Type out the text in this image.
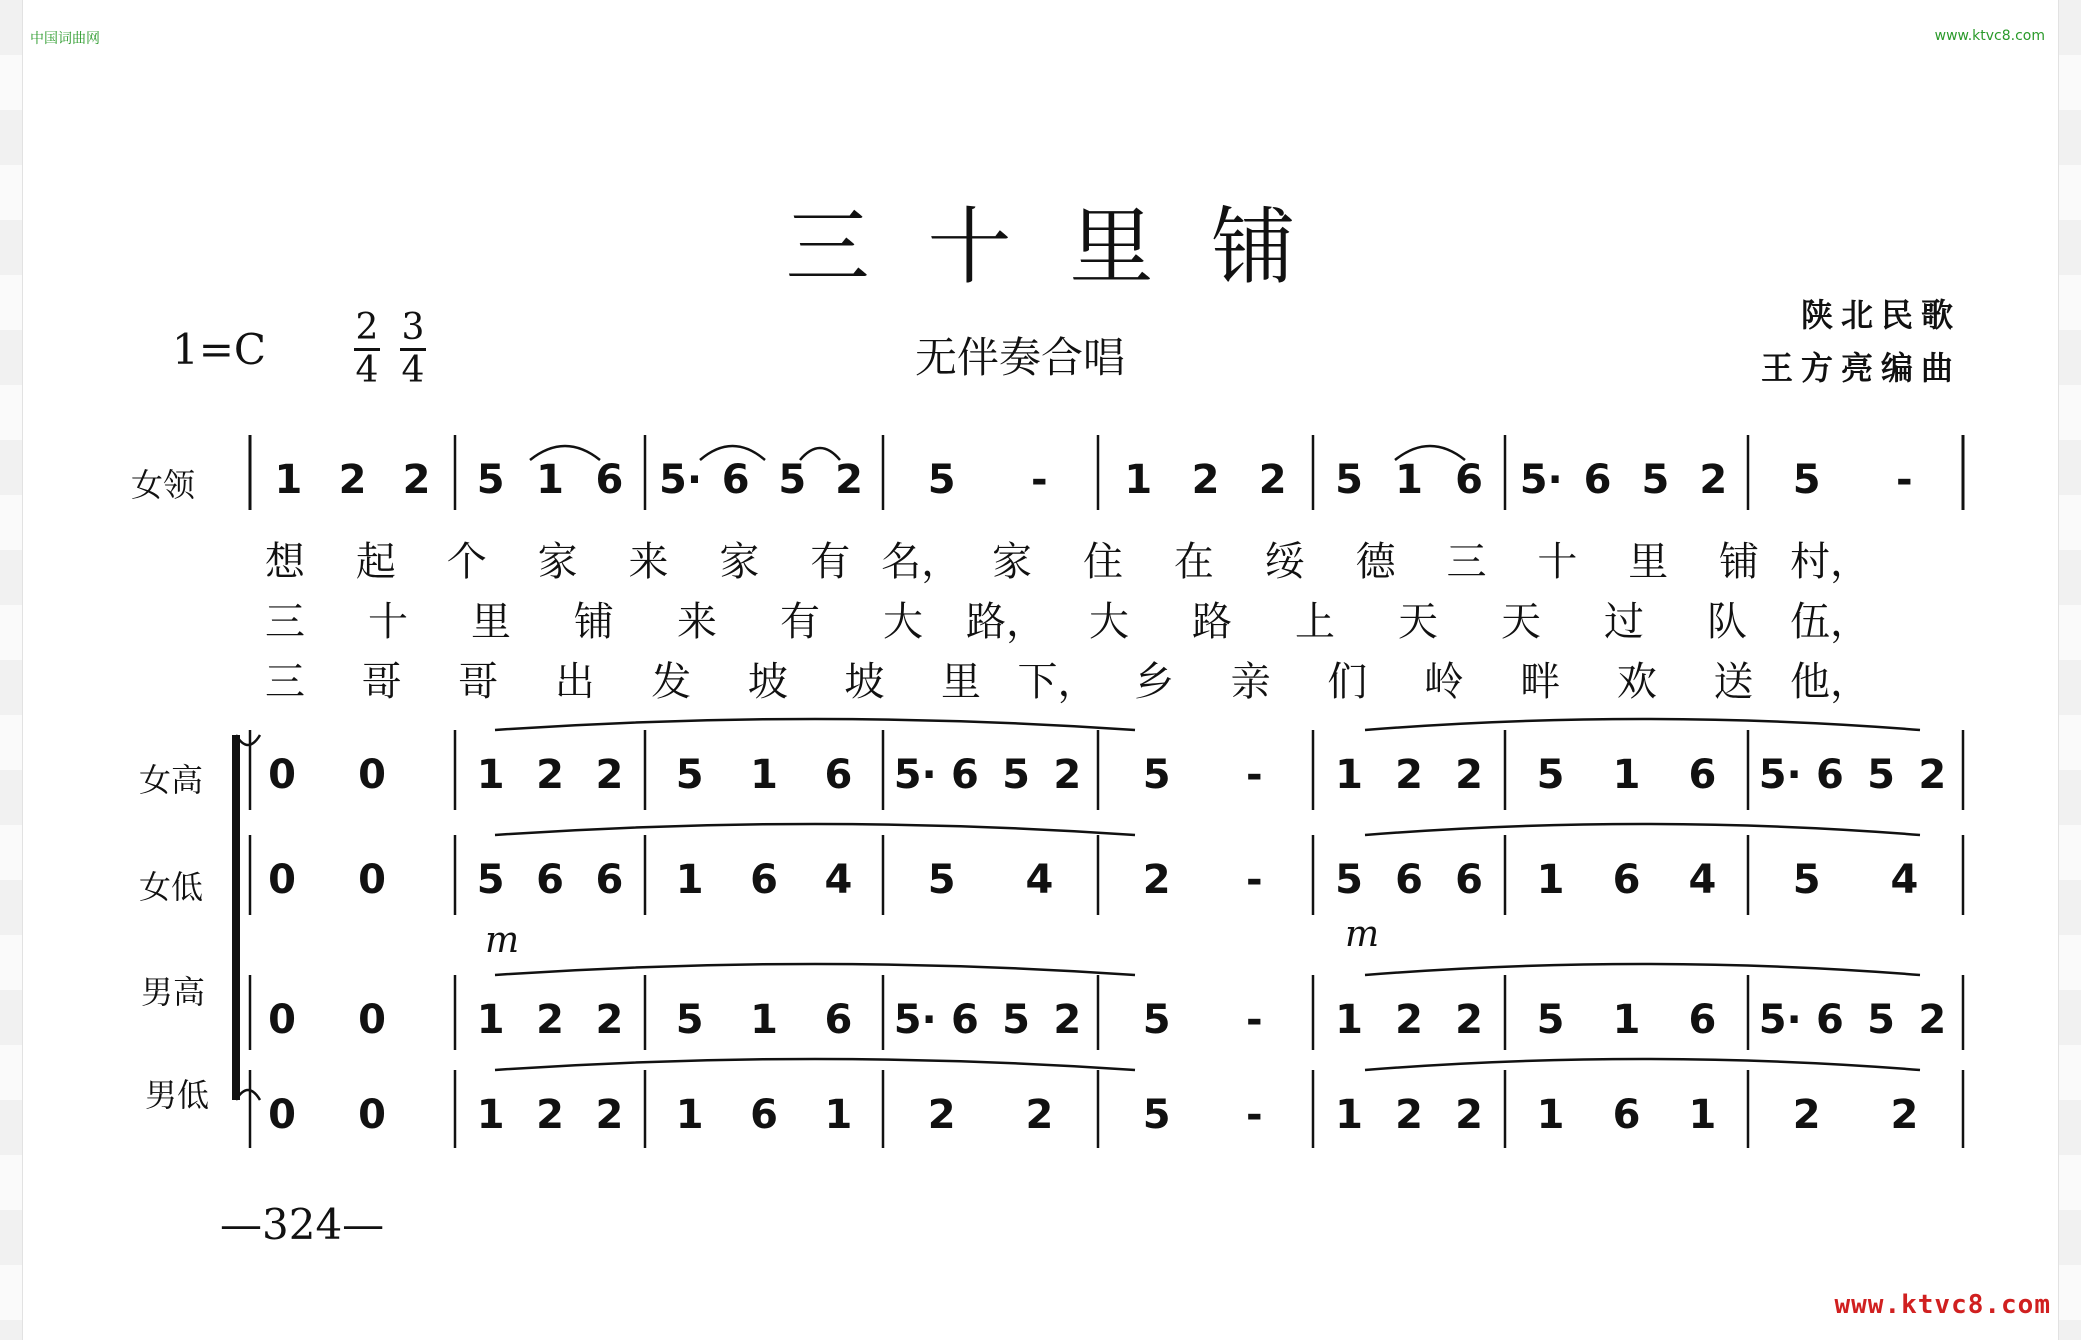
中国词曲网	www.ktvc8.com
三十里铺
1=C 2
4
3
4	无伴奏合唱
陕北民歌
王方亮编曲
女领
女高
女低
男高
男低
1 2 2 5 1 6 5· 6 5 2 5 - 1 2 2 5 1 6 5· 6 5 2 5 -
0 0 1 2 2 5 1 6 5· 6 5 2 5 - 1 2 2 5 1 6 5· 6 5 2
0 0 5 6 6 1 6 4 5 4 2 - 5 6 6 1 6 4 5 4
0 0 1 2 2 5 1 6 5· 6 5 2 5 - 1 2 2 5 1 6 5· 6 5 2
0 0 1 2 2 1 6 1 2 2 5 - 1 2 2 1 6 1 2 2
m	m
想 起 个 家 来 家 有 名， 家 住 在 绥 德 三 十 里 铺 村，
三 十 里 铺 来 有 大 路， 大 路 上 天 天 过 队 伍，
三 哥 哥 出 发 坡 坡 里 下， 乡 亲 们 岭 畔 欢 送 他，
—324—
www.ktvc8.com
